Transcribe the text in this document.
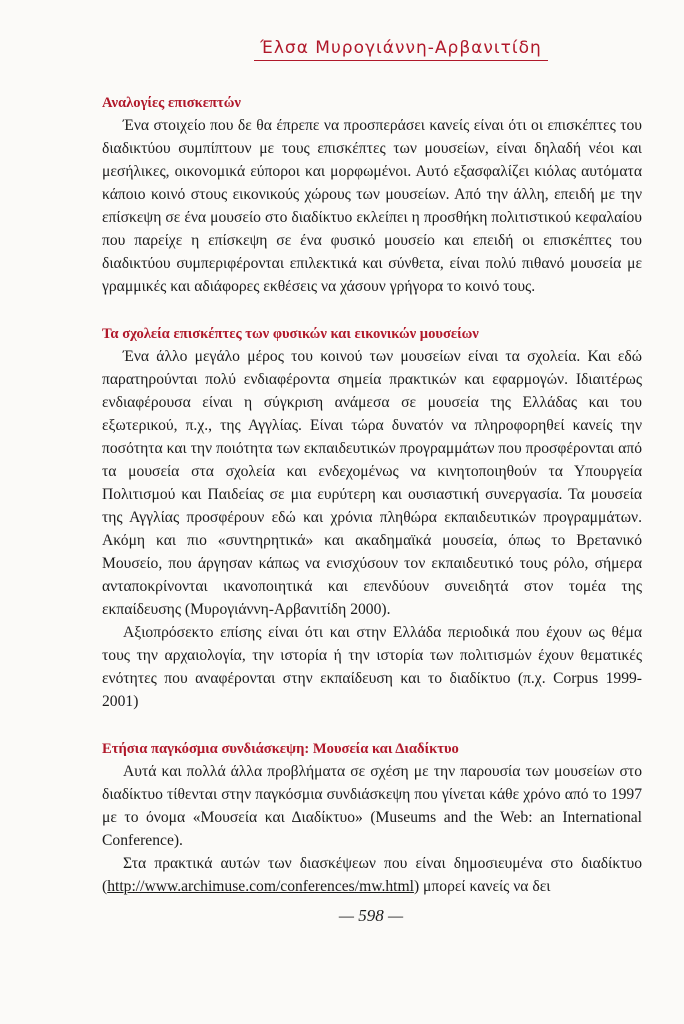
Έλσα Μυρογιάννη-Αρβανιτίδη
Αναλογίες επισκεπτών

Ένα στοιχείο που δε θα έπρεπε να προσπεράσει κανείς είναι ότι οι επισκέπτες του διαδικτύου συμπίπτουν με τους επισκέπτες των μουσείων, είναι δηλαδή νέοι και μεσήλικες, οικονομικά εύποροι και μορφωμένοι. Αυτό εξασφαλίζει κιόλας αυτόματα κάποιο κοινό στους εικονικούς χώρους των μουσείων. Από την άλλη, επειδή με την επίσκεψη σε ένα μουσείο στο διαδίκτυο εκλείπει η προσθήκη πολιτιστικού κεφαλαίου που παρείχε η επίσκεψη σε ένα φυσικό μουσείο και επειδή οι επισκέπτες του διαδικτύου συμπεριφέρονται επιλεκτικά και σύνθετα, είναι πολύ πιθανό μουσεία με γραμμικές και αδιάφορες εκθέσεις να χάσουν γρήγορα το κοινό τους.

Τα σχολεία επισκέπτες των φυσικών και εικονικών μουσείων

Ένα άλλο μεγάλο μέρος του κοινού των μουσείων είναι τα σχολεία. Και εδώ παρατηρούνται πολύ ενδιαφέροντα σημεία πρακτικών και εφαρμογών. Ιδιαιτέρως ενδιαφέρουσα είναι η σύγκριση ανάμεσα σε μουσεία της Ελλάδας και του εξωτερικού, π.χ., της Αγγλίας. Είναι τώρα δυνατόν να πληροφορηθεί κανείς την ποσότητα και την ποιότητα των εκπαιδευτικών προγραμμάτων που προσφέρονται από τα μουσεία στα σχολεία και ενδεχομένως να κινητοποιηθούν τα Υπουργεία Πολιτισμού και Παιδείας σε μια ευρύτερη και ουσιαστική συνεργασία. Τα μουσεία της Αγγλίας προσφέρουν εδώ και χρόνια πληθώρα εκπαιδευτικών προγραμμάτων. Ακόμη και πιο «συντηρητικά» και ακαδημαϊκά μουσεία, όπως το Βρετανικό Μουσείο, που άργησαν κάπως να ενισχύσουν τον εκπαιδευτικό τους ρόλο, σήμερα ανταποκρίνονται ικανοποιητικά και επενδύουν συνειδητά στον τομέα της εκπαίδευσης (Μυρογιάννη-Αρβανιτίδη 2000).

Αξιοπρόσεκτο επίσης είναι ότι και στην Ελλάδα περιοδικά που έχουν ως θέμα τους την αρχαιολογία, την ιστορία ή την ιστορία των πολιτισμών έχουν θεματικές ενότητες που αναφέρονται στην εκπαίδευση και το διαδίκτυο (π.χ. Corpus 1999-2001)

Ετήσια παγκόσμια συνδιάσκεψη: Μουσεία και Διαδίκτυο

Αυτά και πολλά άλλα προβλήματα σε σχέση με την παρουσία των μουσείων στο διαδίκτυο τίθενται στην παγκόσμια συνδιάσκεψη που γίνεται κάθε χρόνο από το 1997 με το όνομα «Μουσεία και Διαδίκτυο» (Museums and the Web: an International Conference).

Στα πρακτικά αυτών των διασκέψεων που είναι δημοσιευμένα στο διαδίκτυο (http://www.archimuse.com/conferences/mw.html) μπορεί κανείς να δει

— 598 —
